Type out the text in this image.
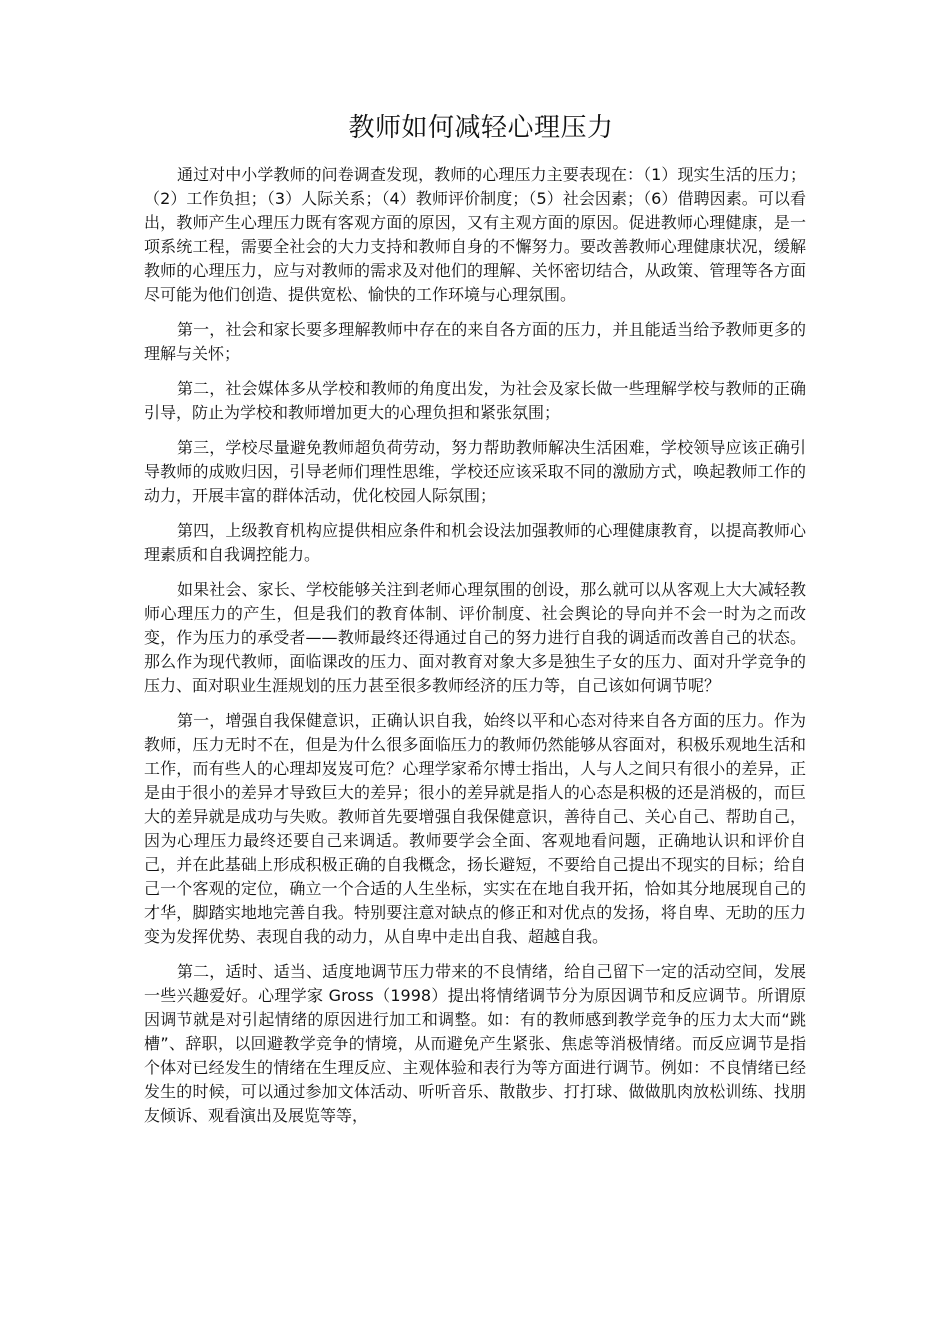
教师如何减轻心理压力

通过对中小学教师的问卷调查发现，教师的心理压力主要表现在：（1）现实生活的压力；（2）工作负担；（3）人际关系；（4）教师评价制度；（5）社会因素；（6）借聘因素。可以看出，教师产生心理压力既有客观方面的原因，又有主观方面的原因。促进教师心理健康，是一项系统工程，需要全社会的大力支持和教师自身的不懈努力。要改善教师心理健康状况，缓解教师的心理压力，应与对教师的需求及对他们的理解、关怀密切结合，从政策、管理等各方面尽可能为他们创造、提供宽松、愉快的工作环境与心理氛围。

第一，社会和家长要多理解教师中存在的来自各方面的压力，并且能适当给予教师更多的理解与关怀；

第二，社会媒体多从学校和教师的角度出发，为社会及家长做一些理解学校与教师的正确引导，防止为学校和教师增加更大的心理负担和紧张氛围；

第三，学校尽量避免教师超负荷劳动，努力帮助教师解决生活困难，学校领导应该正确引导教师的成败归因，引导老师们理性思维，学校还应该采取不同的激励方式，唤起教师工作的动力，开展丰富的群体活动，优化校园人际氛围；

第四，上级教育机构应提供相应条件和机会设法加强教师的心理健康教育，以提高教师心理素质和自我调控能力。

如果社会、家长、学校能够关注到老师心理氛围的创设，那么就可以从客观上大大减轻教师心理压力的产生，但是我们的教育体制、评价制度、社会舆论的导向并不会一时为之而改变，作为压力的承受者——教师最终还得通过自己的努力进行自我的调适而改善自己的状态。那么作为现代教师，面临课改的压力、面对教育对象大多是独生子女的压力、面对升学竞争的压力、面对职业生涯规划的压力甚至很多教师经济的压力等，自己该如何调节呢？

第一，增强自我保健意识，正确认识自我，始终以平和心态对待来自各方面的压力。作为教师，压力无时不在，但是为什么很多面临压力的教师仍然能够从容面对，积极乐观地生活和工作，而有些人的心理却岌岌可危？心理学家希尔博士指出，人与人之间只有很小的差异，正是由于很小的差异才导致巨大的差异；很小的差异就是指人的心态是积极的还是消极的，而巨大的差异就是成功与失败。教师首先要增强自我保健意识，善待自己、关心自己、帮助自己，因为心理压力最终还要自己来调适。教师要学会全面、客观地看问题，正确地认识和评价自己，并在此基础上形成积极正确的自我概念，扬长避短，不要给自己提出不现实的目标；给自己一个客观的定位，确立一个合适的人生坐标，实实在在地自我开拓，恰如其分地展现自己的才华，脚踏实地地完善自我。特别要注意对缺点的修正和对优点的发扬，将自卑、无助的压力变为发挥优势、表现自我的动力，从自卑中走出自我、超越自我。

第二，适时、适当、适度地调节压力带来的不良情绪，给自己留下一定的活动空间，发展一些兴趣爱好。心理学家 Gross（1998）提出将情绪调节分为原因调节和反应调节。所谓原因调节就是对引起情绪的原因进行加工和调整。如：有的教师感到教学竞争的压力太大而“跳槽”、辞职，以回避教学竞争的情境，从而避免产生紧张、焦虑等消极情绪。而反应调节是指个体对已经发生的情绪在生理反应、主观体验和表行为等方面进行调节。例如：不良情绪已经发生的时候，可以通过参加文体活动、听听音乐、散散步、打打球、做做肌肉放松训练、找朋友倾诉、观看演出及展览等等，
